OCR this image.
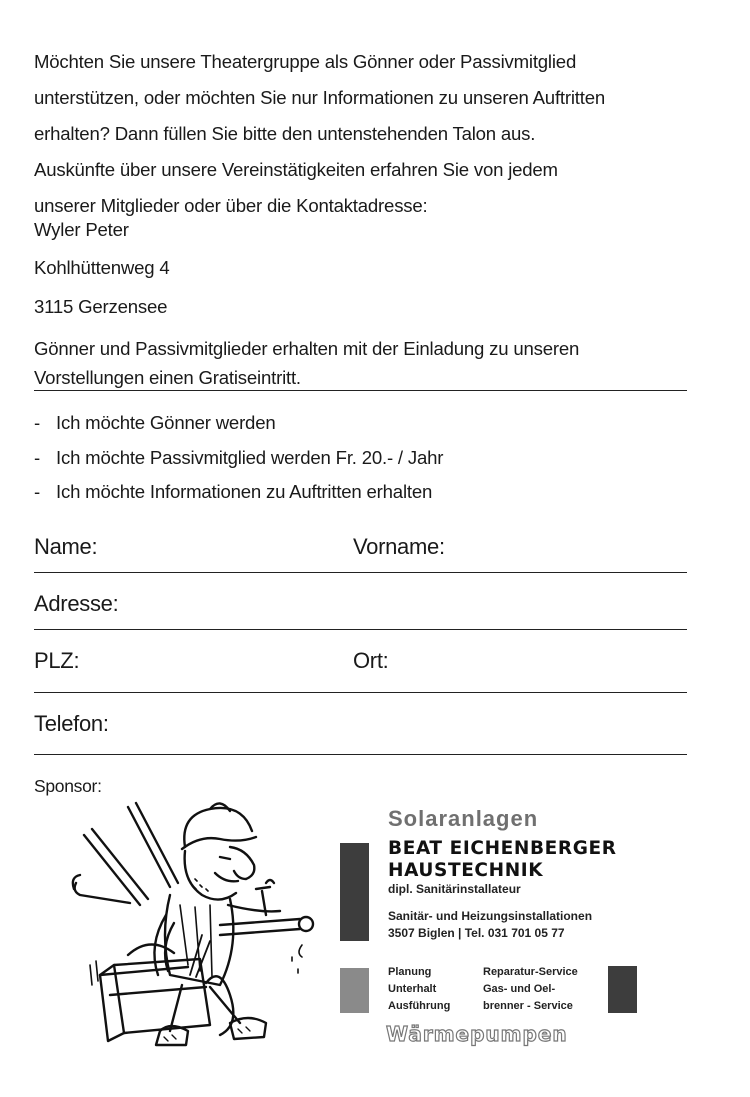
Möchten Sie unsere Theatergruppe als Gönner oder Passivmitglied

unterstützen, oder möchten Sie nur Informationen zu unseren Auftritten

erhalten? Dann füllen Sie bitte den untenstehenden Talon aus.

Auskünfte über unsere Vereinstätigkeiten erfahren Sie von jedem

unserer Mitglieder oder über die Kontaktadresse:

Wyler Peter

Kohlhüttenweg 4

3115 Gerzensee

Gönner und Passivmitglieder erhalten mit der Einladung zu unseren
Vorstellungen einen Gratiseintritt.
- Ich möchte Gönner werden
- Ich möchte Passivmitglied werden Fr. 20.- / Jahr
- Ich möchte Informationen zu Auftritten erhalten
Name:	Vorname:
Adresse:
PLZ:	Ort:
Telefon:
Sponsor:
Solaranlagen
BEAT EICHENBERGER
HAUSTECHNIK
dipl. Sanitärinstallateur
Sanitär- und Heizungsinstallationen
3507 Biglen | Tel. 031 701 05 77
Planung
Unterhalt
Ausführung
Reparatur-Service
Gas- und Oel-
brenner - Service
Wärmepumpen
